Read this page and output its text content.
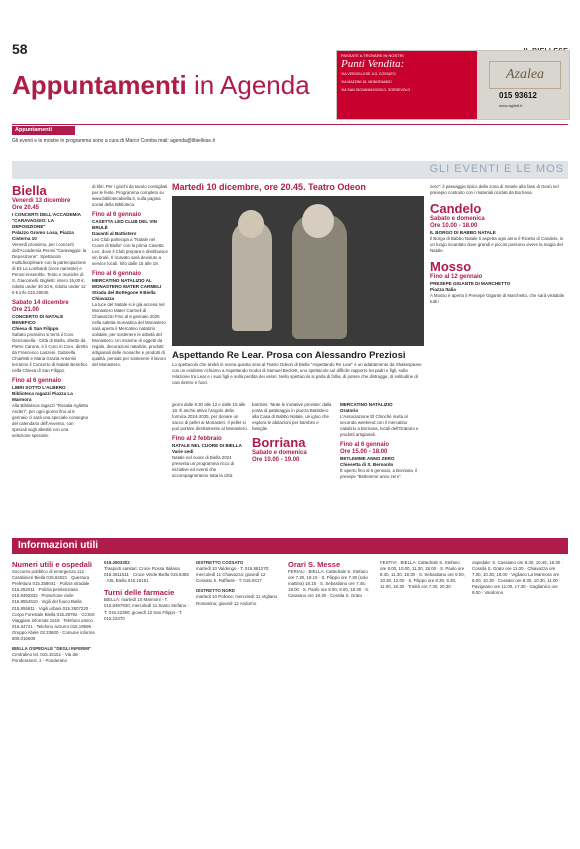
58
Appuntamenti in Agenda
PASSATE A TROVARE IN NOSTRI
Punti Vendita:
VIA VERCELLESE 113, COSSATO
VIA MAZZINI 15, MONGRANDO
VIA SAN GIOVANNI BOSCO, SORDEVOLO
Azalea
015 93612
www.agliett.it
Appuntamenti
Gli eventi e le mostre in programma sono a cura di Marco Comba mail: agenda@ilbiellese.it
GLI EVENTI E LE MOS
Biella
Venerdì 13 dicembre
Ore 20.45
I CONCERTI DELL'ACCADEMIA "CARAVAGGIO: LA DEPOSIZIONE"
Palazzo Gromo Losa, Piazza Cisterna 10
Venerdì prossimo, per i concerti dell'Accademia Perosi "Caravaggio: la Deposizione". Spettacolo multidisciplinare con la partecipazione di Eli La Lombardi (voce narrante) e Perosi ensemble. Testo e musiche di S. Giacomelli. Biglietti: intero 15,00 €, ridotto under 30 10 €, ridotto under 12 5 € info 015.29040.
Sabato 14 dicembre
Ore 21.00
CONCERTO DI NATALE BENEFICO
Chiesa di San Filippo
Sabato prossimo si terrà il Coro Genzianella - Città di Biella, diretto da Pietro Carone, e il Coro in Coro, diretto da Francesco Lanzeni. Gabriella Chiarletti e Maria Grazia Antonini terranno il Concerto di Natale Benefico nella Chiesa di San Filippo.
Fino al 6 gennaio
LIBRI SOTTO L'ALBERO
Biblioteca ragazzi Piazza La Marmora
Alla Biblioteca ragazzi "Rosalia Aglietta Anderi", per ogni giorno fino al 6 gennaio ci sarà una speciale consegna del calendario dell'Avvento, con speciali sugli allestiti con una selezione speciale.
di libri. Per i giochi da tavolo consigliati per le feste. Programma completo su www.bibliotecabiella.it, sulla pagina social della Biblioteca.
Fino al 6 gennaio
CASETTA LED CLUB DEL VIN BRULÈ
Davanti al Battistero
Leo Club partecipa a "Natale nel Cuore di Biella" con la prima Casetta Leo, dove il Club prepara e distribuisce vin brulé. Il ricavato sarà devoluto a service locali. Info dalle 15 alle 19.
Fino al 6 gennaio
MERCATINO NATALIZIO AL MONASTERO MATER CARMELI
Strada del Bottegone 9 Biella Chiavazza
La luce del Natale si è già accesa nel Monastero Mater Carmeli di Chiavazza! Fino al 6 gennaio 2025 nella saletta monastica del Monastero sarà aperto il Mercatino natalizio solidale, per sostenere le attività del Monastero. Un insieme di oggetti da regalo, decorazioni natalizie, prodotti artigianali delle monache e prodotti di qualità, pensati per sostenere il lavoro del Monastero.
Martedì 10 dicembre, ore 20.45. Teatro Odeon
Aspettando Re Lear. Prosa con Alessandro Preziosi
Lo spettacolo che andrà in scena questa sera al Teatro Odeon di Biella "Aspettando Re Lear" è un adattamento da Shakespeare con un evidente richiamo a Aspettando Godot di Samuel Beckett, uno spettacolo sul difficile rapporto tra padri e figli, sulla relazione tra Lear e i suoi figli e sulla perdita dei valori. Nello spettacolo si parla di follia, di potere che distrugge, di solitudine di casi dentro e fuori.
giorni dalle 8.30 alle 12 e dalle 15 alle 18. È anche attivo l'angolo della formica 2024-2025, per donare un sacco di pellet ai Monasteri. Il pellet si può portare direttamente al Monastero.
Fino al 2 febbraio
NATALE NEL CUORE DI BIELLA
Varie sedi
Natale nel cuore di Biella 2024 presenta un programma ricco di iniziative ed eventi che accompagneranno tutta la città.
bambini. Tante le iniziative previste: dalla posta di pattinaggio in piazza Battistero alla Casa di Babbo Natale, un igloo che esplora le abitazioni per bambini e famiglie.
Borriana
Sabato e domenica
Ore 10.00 - 19.00
MERCATINO NATALIZIO
Oratorio
L'Associazione El Chinché invita al secondo weekend con il mercatino natalizio a Borriana, locali dell'Oratorio e prodotti artigianali.
Fino al 6 gennaio
Ore 15.00 - 18.00
BETLEMME ANNO ZERO
Chiesetta di S. Bernardo
È aperto fino al 6 gennaio, a Borriana, il presepe "Betlemme anno zero".
zero": il paesaggio tipico della zona di Israele alla fase di Gesù nel presepio costruito con i materiali riciclati da Borriana.
Candelo
Sabato e domenica
Ore 10.00 - 18.00
IL BORGO DI BABBO NATALE
Il Borgo di Babbo Natale ti aspetta ogni anno il Ricetto di Candelo, in un luogo incantato dove grandi e piccini possono vivere la magia del Natale.
Mosso
Fino al 12 gennaio
PRESEPE GIGANTE DI MARCHETTO
Piazza Italia
A Mosso è aperto il Presepe Gigante di Marchetto, che sarà visitabile tutti i
Informazioni utili
Numeri utili e ospedali
Soccorso pubblico di emergenza 112 · Carabinieri Biella 015.84021 · Questura Prefettura 015.359041 · Polizia stradale 015.252011 · Polizia penitenziaria 015.8492832 · Protezione civile 015.8554510 · Vigili del fuoco Biella 015.855811 · Vigili urbani 015.3507220 · Corpo Forestale Biella 015.28792 · CCISS Viaggiare informati 1518 · Telefono amico 015.34741 · Telefono azzurro 015.19696 · Gruppo Abele 02.33600 · Comune informa 800.016600
BIELLA OSPEDALE "DEGLI INFERMI"
Centralino tel. 015.15151 - Via dei Ponderanesi, 2 - Ponderano
015.3503302
Trasporti sanitari: Croce Rossa Italiana 015.3511511 · Croce Verde Biella 015.8455 · ASL Biella 015.15151
Turni delle farmacie
BIELLA: martedì 10 Marmoni - T. 015.8497930; mercoledì 11 Santo Stefano - T. 015.22390; giovedì 12 San Filippo - T. 015.22370
DISTRETTO COSSATO
martedì 10 Valdengo - T. 015.881270; mercoledì 11 Chiavazza; giovedì 12 Cossato S. Raffaele - T. 015.9417
DISTRETTO NORD
martedì 10 Pollone; mercoledì 11 Vigliano Romanina; giovedì 12 Andorno
Orari S. Messe
FERIALI · BIELLA: Cattedrale S. Stefano ore 7.30, 18.15 · S. Filippo ore 7.30 (solo mattina) 18.15 · S. Sebastiano ore 7.45, 18.00 · S. Paolo ore 8.00, 9.00, 18.30 · S. Cassiano ore 18.30 · Cossila S. Grato
FESTIVI · BIELLA: Cattedrale S. Stefano ore 8.00, 10.00, 11.30, 18.00 · S. Paolo ore 8.30, 11.30, 18.30 · S. Sebastiano ore 9.00, 10.30, 12.00 · S. Filippo ore 8.30, 9.30, 11.00, 18.30 · Trinità ore 7.30, 20.30
ospedale: S. Cassiano ore 8.30, 10.45, 18.30 · Cossila S. Grato ore 11.00 · Chiavazza ore 7.30, 10.30, 18.00 · Vigliano La Marmora ore 8.00, 10.30 · Cossato ore 8.30, 10.30, 11.00 · Pavignano ore 11.00, 17.30 · Gaglianico ore 9.00 - Vandorno
